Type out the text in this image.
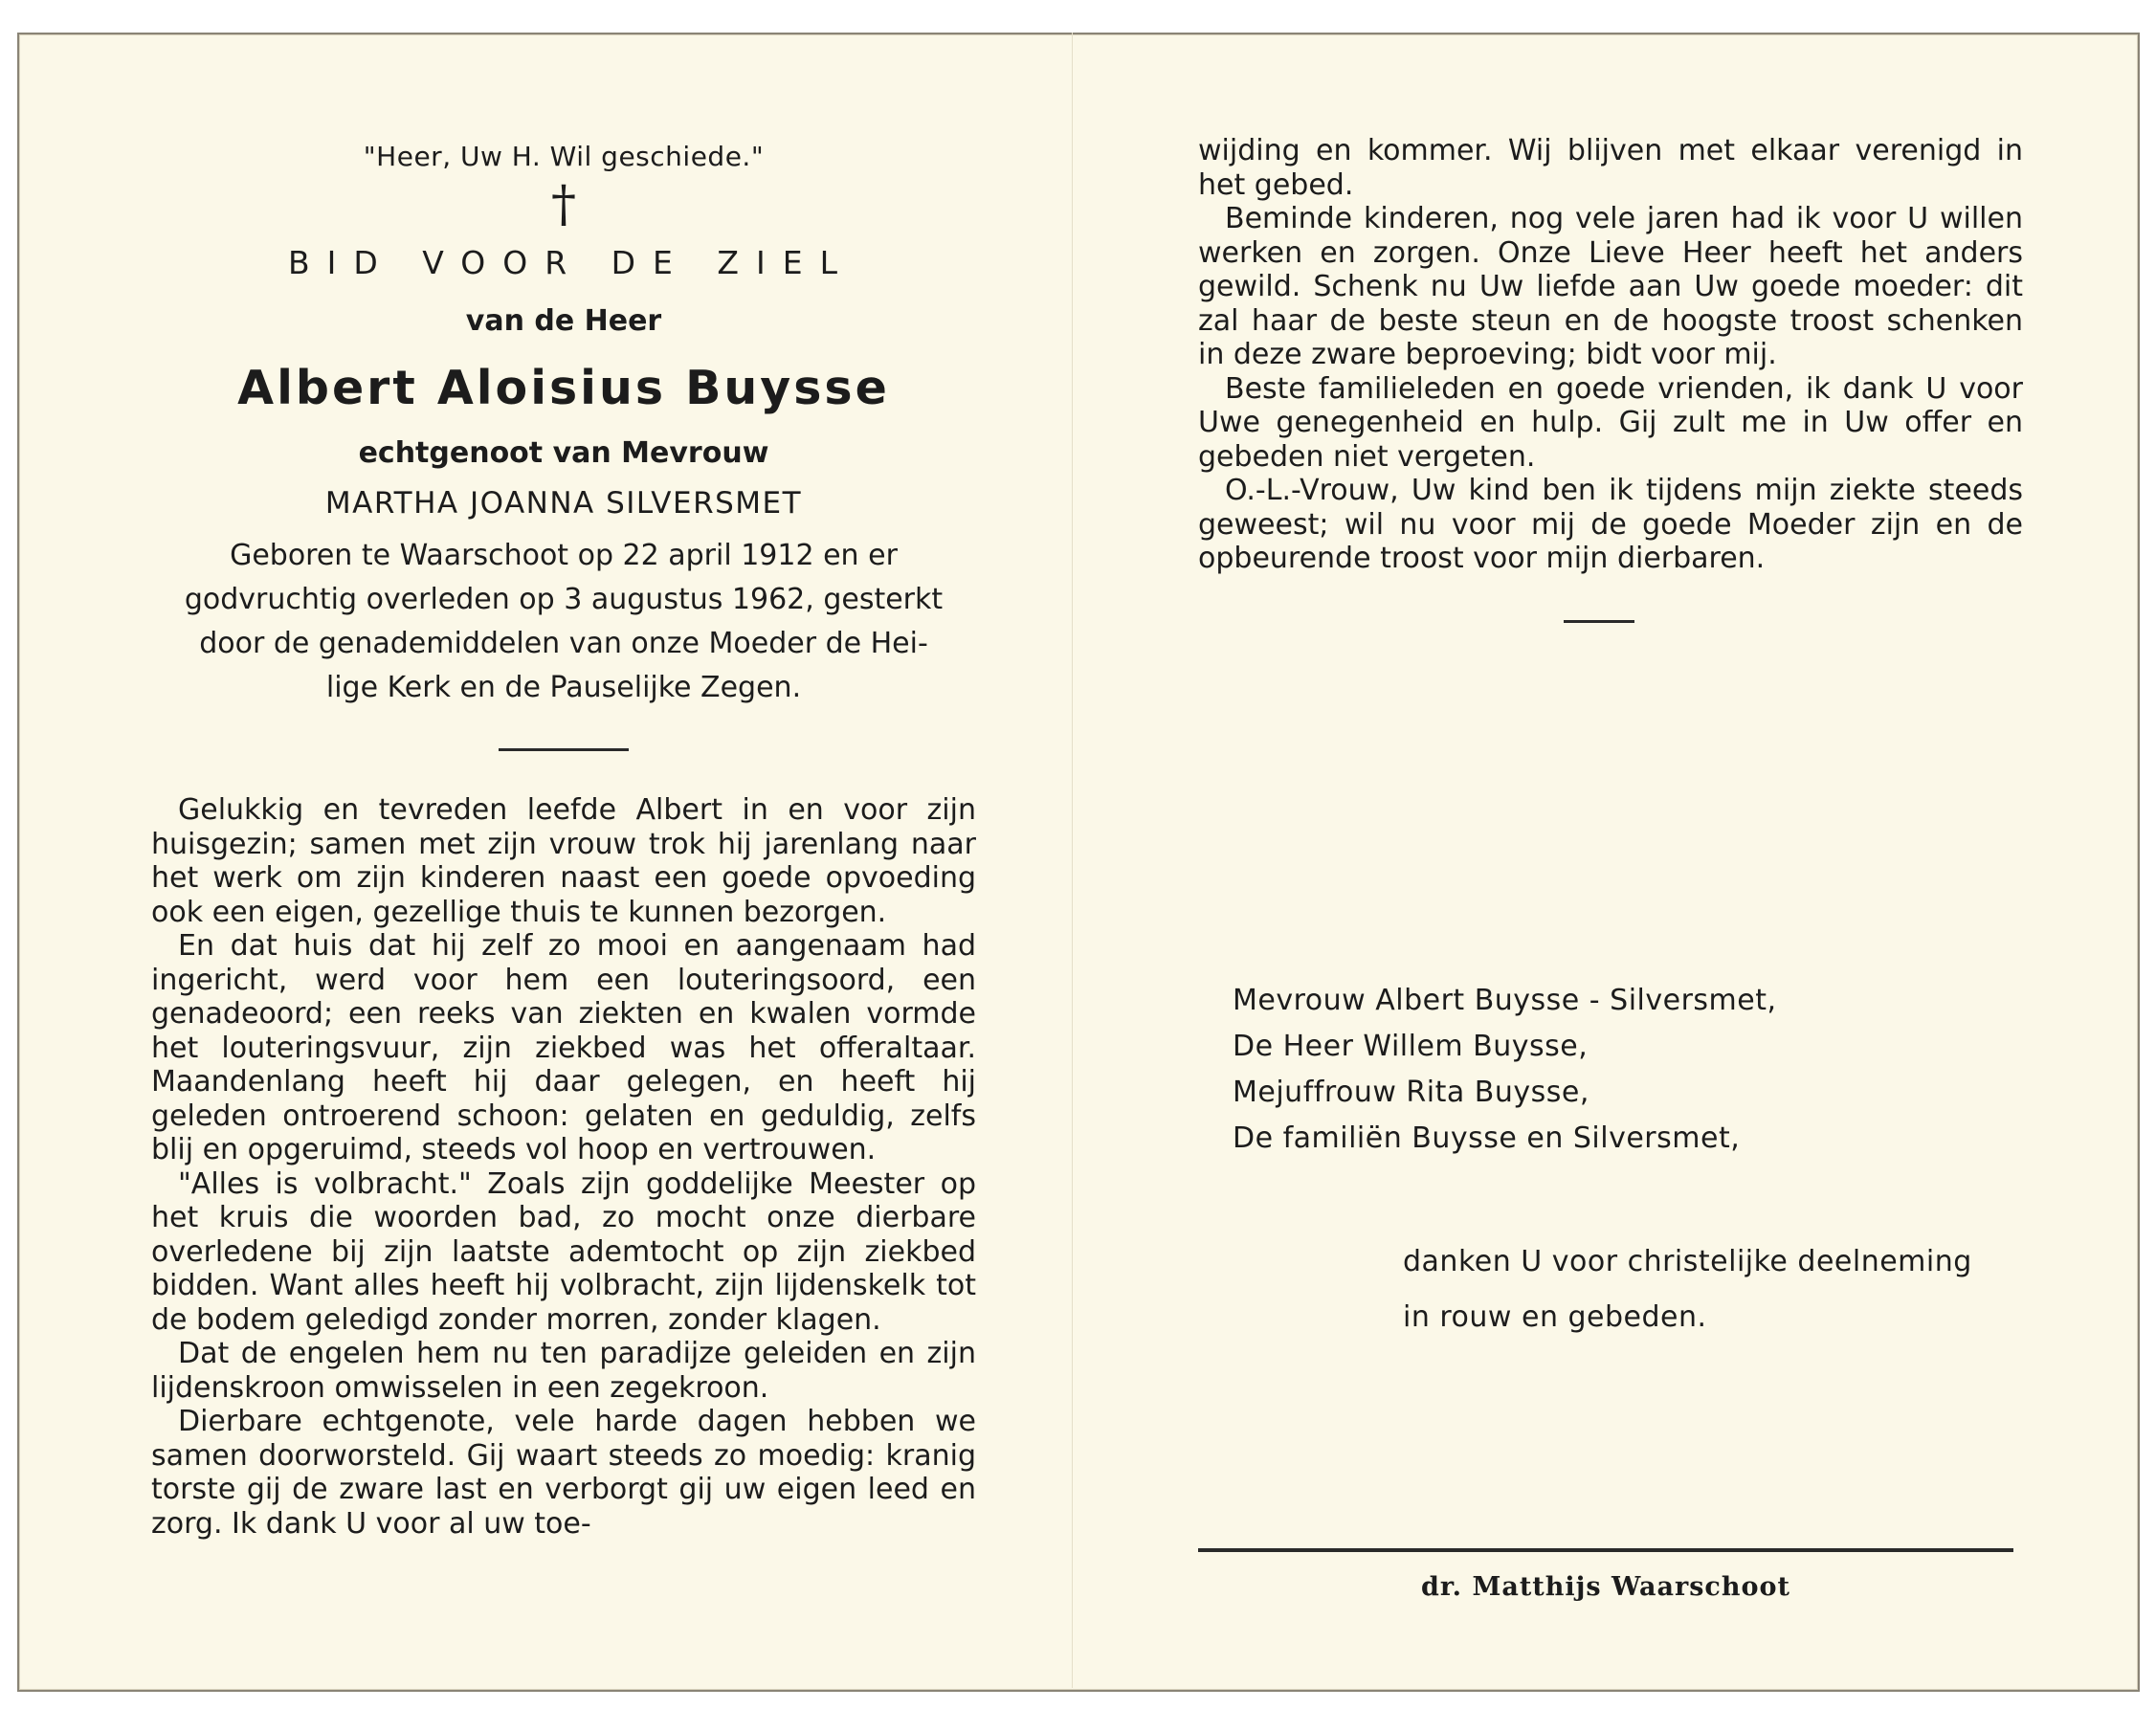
"Heer, Uw H. Wil geschiede."
†
BID VOOR DE ZIEL
van de Heer
Albert Aloisius Buysse
echtgenoot van Mevrouw
MARTHA JOANNA SILVERSMET
Geboren te Waarschoot op 22 april 1912 en er
godvruchtig overleden op 3 augustus 1962, gesterkt
door de genademiddelen van onze Moeder de Hei-
lige Kerk en de Pauselijke Zegen.

Gelukkig en tevreden leefde Albert in en voor zijn huisgezin; samen met zijn vrouw trok hij jarenlang naar het werk om zijn kinderen naast een goede opvoeding ook een eigen, gezellige thuis te kunnen bezorgen.

En dat huis dat hij zelf zo mooi en aangenaam had ingericht, werd voor hem een louteringsoord, een genadeoord; een reeks van ziekten en kwalen vormde het louteringsvuur, zijn ziekbed was het offeraltaar. Maandenlang heeft hij daar gelegen, en heeft hij geleden ontroerend schoon: gelaten en geduldig, zelfs blij en opgeruimd, steeds vol hoop en vertrouwen.

"Alles is volbracht." Zoals zijn goddelijke Meester op het kruis die woorden bad, zo mocht onze dierbare overledene bij zijn laatste ademtocht op zijn ziekbed bidden. Want alles heeft hij volbracht, zijn lijdenskelk tot de bodem geledigd zonder morren, zonder klagen.

Dat de engelen hem nu ten paradijze geleiden en zijn lijdenskroon omwisselen in een zegekroon.

Dierbare echtgenote, vele harde dagen hebben we samen doorworsteld. Gij waart steeds zo moedig: kranig torste gij de zware last en verborgt gij uw eigen leed en zorg. Ik dank U voor al uw toe-

wijding en kommer. Wij blijven met elkaar verenigd in het gebed.

Beminde kinderen, nog vele jaren had ik voor U willen werken en zorgen. Onze Lieve Heer heeft het anders gewild. Schenk nu Uw liefde aan Uw goede moeder: dit zal haar de beste steun en de hoogste troost schenken in deze zware beproeving; bidt voor mij.

Beste familieleden en goede vrienden, ik dank U voor Uwe genegenheid en hulp. Gij zult me in Uw offer en gebeden niet vergeten.

O.-L.-Vrouw, Uw kind ben ik tijdens mijn ziekte steeds geweest; wil nu voor mij de goede Moeder zijn en de opbeurende troost voor mijn dierbaren.

Mevrouw Albert Buysse - Silversmet,
De Heer Willem Buysse,
Mejuffrouw Rita Buysse,
De familiën Buysse en Silversmet,
danken U voor christelijke deelneming
in rouw en gebeden.
dr. Matthijs Waarschoot
